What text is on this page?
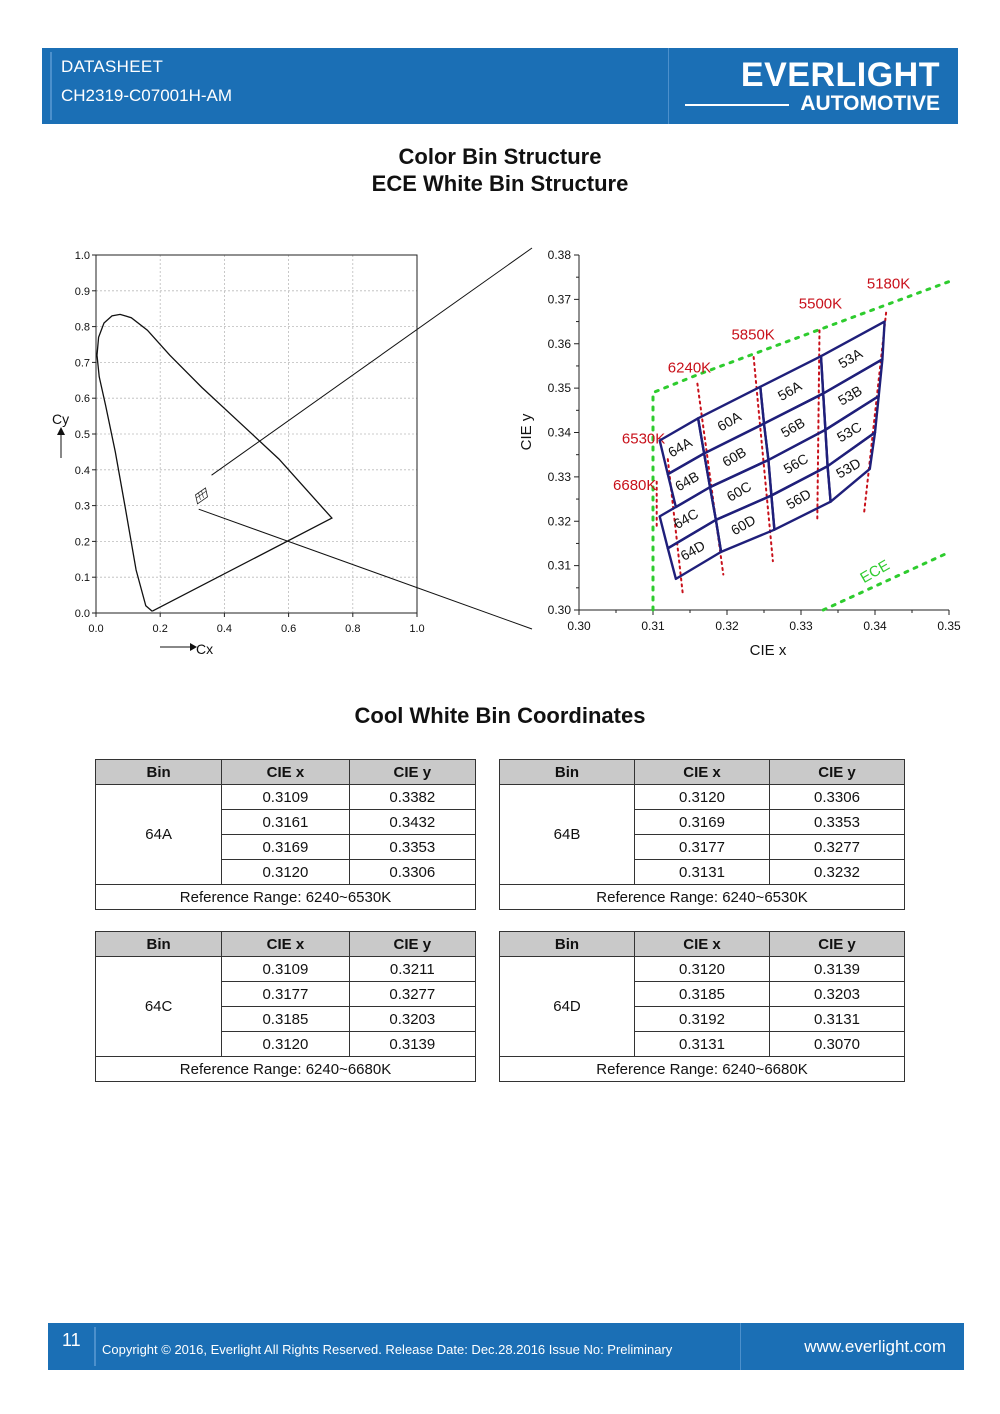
DATASHEET
CH2319-C07001H-AM
EVERLIGHT
AUTOMOTIVE
Color Bin Structure
ECE White Bin Structure
0.0	0.2	0.4	0.6	0.8	1.0
0.0
0.1
0.2
0.3
0.4
0.5
0.6
0.7
0.8
0.9
1.0
Cx
Cy
0.30	0.31	0.32	0.33	0.34	0.35
0.30
0.31
0.32
0.33
0.34
0.35
0.36
0.37
0.38
CIE x
CIE y
ECE
6680K
6530K
6240K
5850K
5500K
5180K
64A
64B
64C
64D
60A
60B
60C
60D
56A
56B
56C
56D
53A
53B
53C
53D
Cool White Bin Coordinates
Bin	CIE x	CIE y
64A	0.3109	0.3382
	0.3161	0.3432
	0.3169	0.3353
	0.3120	0.3306
Reference Range: 6240~6530K		
Bin	CIE x	CIE y
64B	0.3120	0.3306
	0.3169	0.3353
	0.3177	0.3277
	0.3131	0.3232
Reference Range: 6240~6530K		
Bin	CIE x	CIE y
64C	0.3109	0.3211
	0.3177	0.3277
	0.3185	0.3203
	0.3120	0.3139
Reference Range: 6240~6680K		
Bin	CIE x	CIE y
64D	0.3120	0.3139
	0.3185	0.3203
	0.3192	0.3131
	0.3131	0.3070
Reference Range: 6240~6680K		
11 Copyright © 2016, Everlight All Rights Reserved. Release Date: Dec.28.2016 Issue No: Preliminary	www.everlight.com
